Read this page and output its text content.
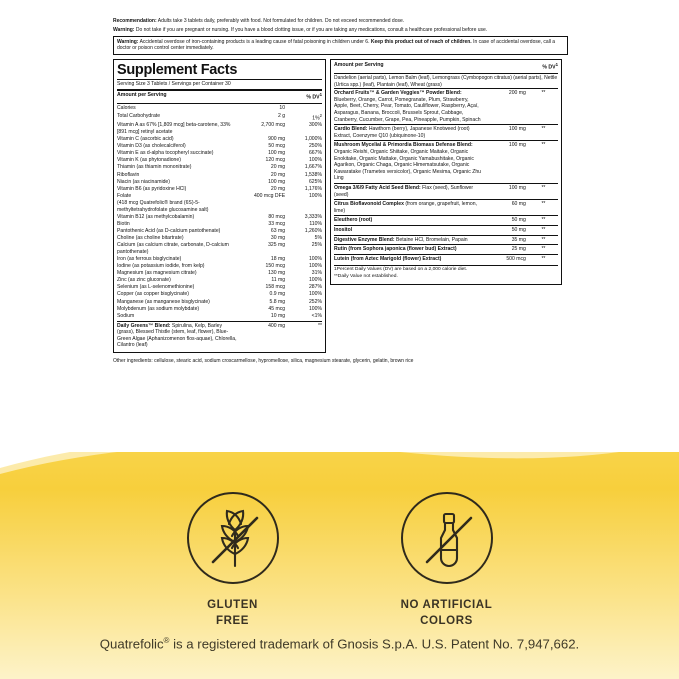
Recommendation: Adults take 3 tablets daily, preferably with food. Not formulated for children. Do not exceed recommended dose.

Warning: Do not take if you are pregnant or nursing. If you have a blood clotting issue, or if you are taking any medications, consult a healthcare professional before use.

Warning: Accidental overdose of iron-containing products is a leading cause of fatal poisoning in children under 6. Keep this product out of reach of children. In case of accidental overdose, call a doctor or poison control center immediately.
Supplement Facts
Serving Size 3 Tablets / Servings per Container 30
Amount per Serving		% $DV^1$
Calories	10	
Total Carbohydrate	2 g	1%$^2$
Vitamin A as 67% [1,809 mcg] beta-carotene, 33% [891 mcg] retinyl acetate	2,700 mcg	300%
Vitamin C (ascorbic acid)	900 mg	1,000%
Vitamin D3 (as cholecalciferol)	50 mcg	250%
Vitamin E as d-alpha tocopheryl succinate)	100 mg	667%
Vitamin K (as phytonadione)	120 mcg	100%
Thiamin (as thiamin mononitrate)	20 mg	1,667%
Riboflavin	20 mg	1,538%
Niacin (as niacinamide)	100 mg	625%
Vitamin B6 (as pyridoxine HCl)	20 mg	1,176%
Folate	400 mcg DFE	100%
(418 mcg Quatrefolic® brand (6S)-5-methyltetrahydrofolate glucosamine salt)		
Vitamin B12 (as methylcobalamin)	80 mcg	3,333%
Biotin	33 mcg	110%
Pantothenic Acid (as D-calcium pantothenate)	63 mg	1,260%
Choline (as choline bitartrate)	30 mg	5%
Calcium (as calcium citrate, carbonate, D-calcium pantothenate)	325 mg	25%
Iron (as ferrous bisglycinate)	18 mg	100%
Iodine (as potassium iodide, from kelp)	150 mcg	100%
Magnesium (as magnesium citrate)	130 mg	31%
Zinc (as zinc gluconate)	11 mg	100%
Selenium (as L-selenomethionine)	158 mcg	287%
Copper (as copper bisglycinate)	0.9 mg	100%
Manganese (as manganese bisglycinate)	5.8 mg	252%
Molybdenum (as sodium molybdate)	45 mcg	100%
Sodium	10 mg	<1%
Daily Greens™ Blend: Spirulina, Kelp, Barley (grass), Blessed Thistle (stem, leaf, flower), Blue-Green Algae (Aphanizomenon flos-aquae), Chlorella, Cilantro (leaf)	400 mg	**
Amount per Serving		% $DV^1$
Dandelion (aerial parts), Lemon Balm (leaf), Lemongrass (Cymbopogon citratus) (aerial parts), Nettle (Urtica spp.) (leaf), Plantain (leaf), Wheat (grass)
Orchard Fruits™ & Garden Veggies™ Powder Blend: Blueberry, Orange, Carrot, Pomegranate, Plum, Strawberry, Apple, Beet, Cherry, Pear, Tomato, Cauliflower, Raspberry, Açaí, Asparagus, Banana, Broccoli, Brussels Sprout, Cabbage, Cranberry, Cucumber, Grape, Pea, Pineapple, Pumpkin, Spinach	200 mg	**
Cardio Blend: Hawthorn (berry), Japanese Knotweed (root) Extract, Coenzyme Q10 (ubiquinone-10)	100 mg	**
Mushroom Mycelial & Primordia Biomass Defense Blend: Organic Reishi, Organic Shiitake, Organic Maitake, Organic Enokitake, Organic Mattake, Organic Yamabushitake, Organic Agarikon, Organic Chaga, Organic Himematsutake, Organic Kawaratake (Trametes versicolor), Organic Mesima, Organic Zhu Ling	100 mg	**
Omega 3/6/9 Fatty Acid Seed Blend: Flax (seed), Sunflower (seed)	100 mg	**
Citrus Bioflavonoid Complex (from orange, grapefruit, lemon, lime)	60 mg	**
Eleuthero (root)	50 mg	**
Inositol	50 mg	**
Digestive Enzyme Blend: Betaine HCl, Bromelain, Papain	35 mg	**
Rutin (from Sophora japonica (flower bud) Extract)	25 mg	**
Lutein (from Aztec Marigold (flower) Extract)	500 mcg	**
1Percent Daily Values (DV) are based on a 2,000 calorie diet.
**Daily Value not established.
Other ingredients: cellulose, stearic acid, sodium croscarmellose, hypromellose, silica, magnesium stearate, glycerin, gelatin, brown rice
GLUTEN
FREE
NO ARTIFICIAL
COLORS
Quatrefolic® is a registered trademark of Gnosis S.p.A. U.S. Patent No. 7,947,662.
